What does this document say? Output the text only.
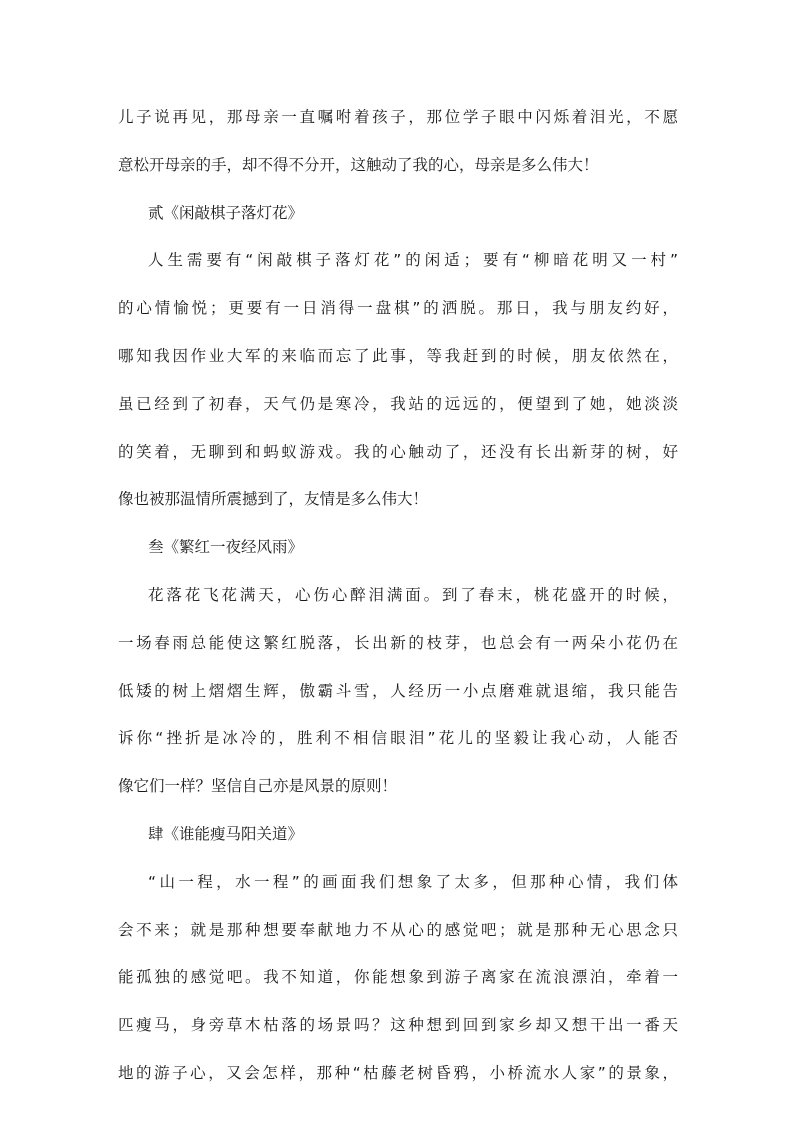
儿子说再见，那母亲一直嘱咐着孩子，那位学子眼中闪烁着泪光，不愿
意松开母亲的手，却不得不分开，这触动了我的心，母亲是多么伟大！
贰《闲敲棋子落灯花》
人生需要有“闲敲棋子落灯花”的闲适；要有“柳暗花明又一村”
的心情愉悦；更要有一日消得一盘棋”的洒脱。那日，我与朋友约好，
哪知我因作业大军的来临而忘了此事，等我赶到的时候，朋友依然在，
虽已经到了初春，天气仍是寒冷，我站的远远的，便望到了她，她淡淡
的笑着，无聊到和蚂蚁游戏。我的心触动了，还没有长出新芽的树，好
像也被那温情所震撼到了，友情是多么伟大！
叁《繁红一夜经风雨》
花落花飞花满天，心伤心醉泪满面。到了春末，桃花盛开的时候，
一场春雨总能使这繁红脱落，长出新的枝芽，也总会有一两朵小花仍在
低矮的树上熠熠生辉，傲霸斗雪，人经历一小点磨难就退缩，我只能告
诉你“挫折是冰冷的，胜利不相信眼泪”花儿的坚毅让我心动，人能否
像它们一样？坚信自己亦是风景的原则！
肆《谁能瘦马阳关道》
“山一程，水一程”的画面我们想象了太多，但那种心情，我们体
会不来；就是那种想要奉献地力不从心的感觉吧；就是那种无心思念只
能孤独的感觉吧。我不知道，你能想象到游子离家在流浪漂泊，牵着一
匹瘦马，身旁草木枯落的场景吗？这种想到回到家乡却又想干出一番天
地的游子心，又会怎样，那种“枯藤老树昏鸦，小桥流水人家”的景象，
